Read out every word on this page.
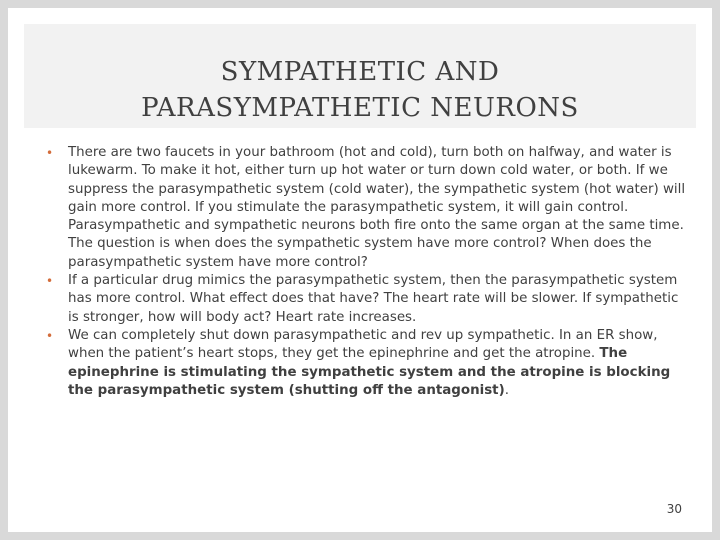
SYMPATHETIC AND
PARASYMPATHETIC NEURONS
• There are two faucets in your bathroom (hot and cold), turn both on halfway, and water is lukewarm. To make it hot, either turn up hot water or turn down cold water, or both. If we suppress the parasympathetic system (cold water), the sympathetic system (hot water) will gain more control. If you stimulate the parasympathetic system, it will gain control. Parasympathetic and sympathetic neurons both fire onto the same organ at the same time. The question is when does the sympathetic system have more control? When does the parasympathetic system have more control?
• If a particular drug mimics the parasympathetic system, then the parasympathetic system has more control. What effect does that have? The heart rate will be slower. If sympathetic is stronger, how will body act? Heart rate increases.
• We can completely shut down parasympathetic and rev up sympathetic. In an ER show, when the patient’s heart stops, they get the epinephrine and get the atropine. The epinephrine is stimulating the sympathetic system and the atropine is blocking the parasympathetic system (shutting off the antagonist).
30
